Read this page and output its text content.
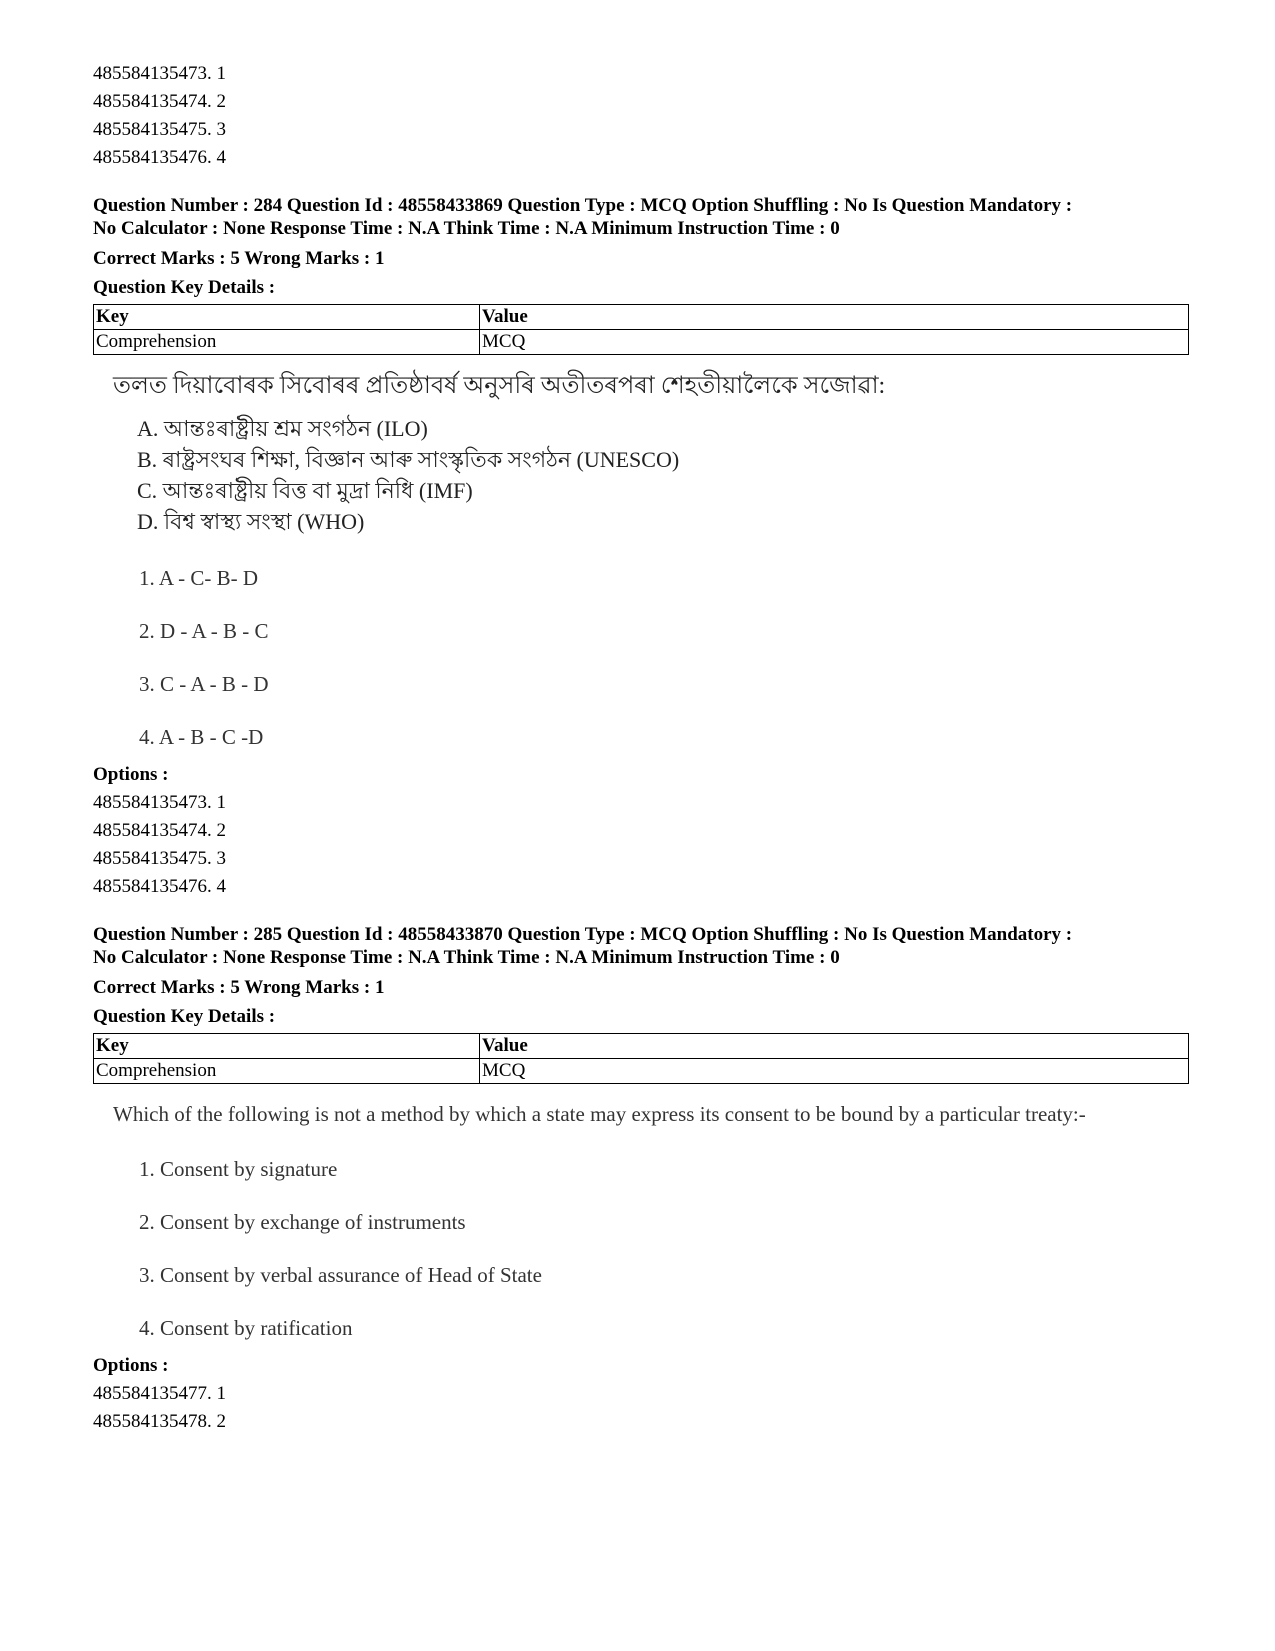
485584135473. 1
485584135474. 2
485584135475. 3
485584135476. 4
Question Number : 284 Question Id : 48558433869 Question Type : MCQ Option Shuffling : No Is Question Mandatory :
No Calculator : None Response Time : N.A Think Time : N.A Minimum Instruction Time : 0
Correct Marks : 5 Wrong Marks : 1
Question Key Details :
Key	Value
Comprehension	MCQ
তলত দিয়াবোৰক সিবোৰৰ প্ৰতিষ্ঠাবৰ্ষ অনুসৰি অতীতৰপৰা শেহতীয়ালৈকে সজোৱা:
A. আন্তঃৰাষ্ট্ৰীয় শ্ৰম সংগঠন (ILO)
B. ৰাষ্ট্ৰসংঘৰ শিক্ষা, বিজ্ঞান আৰু সাংস্কৃতিক সংগঠন (UNESCO)
C. আন্তঃৰাষ্ট্ৰীয় বিত্ত বা মুদ্ৰা নিধি (IMF)
D. বিশ্ব স্বাস্থ্য সংস্থা (WHO)
1. A - C- B- D
2. D - A - B - C
3. C - A - B - D
4. A - B - C -D
Options :
485584135473. 1
485584135474. 2
485584135475. 3
485584135476. 4
Question Number : 285 Question Id : 48558433870 Question Type : MCQ Option Shuffling : No Is Question Mandatory :
No Calculator : None Response Time : N.A Think Time : N.A Minimum Instruction Time : 0
Correct Marks : 5 Wrong Marks : 1
Question Key Details :
Key	Value
Comprehension	MCQ
Which of the following is not a method by which a state may express its consent to be bound by a particular treaty:-
1. Consent by signature
2. Consent by exchange of instruments
3. Consent by verbal assurance of Head of State
4. Consent by ratification
Options :
485584135477. 1
485584135478. 2
